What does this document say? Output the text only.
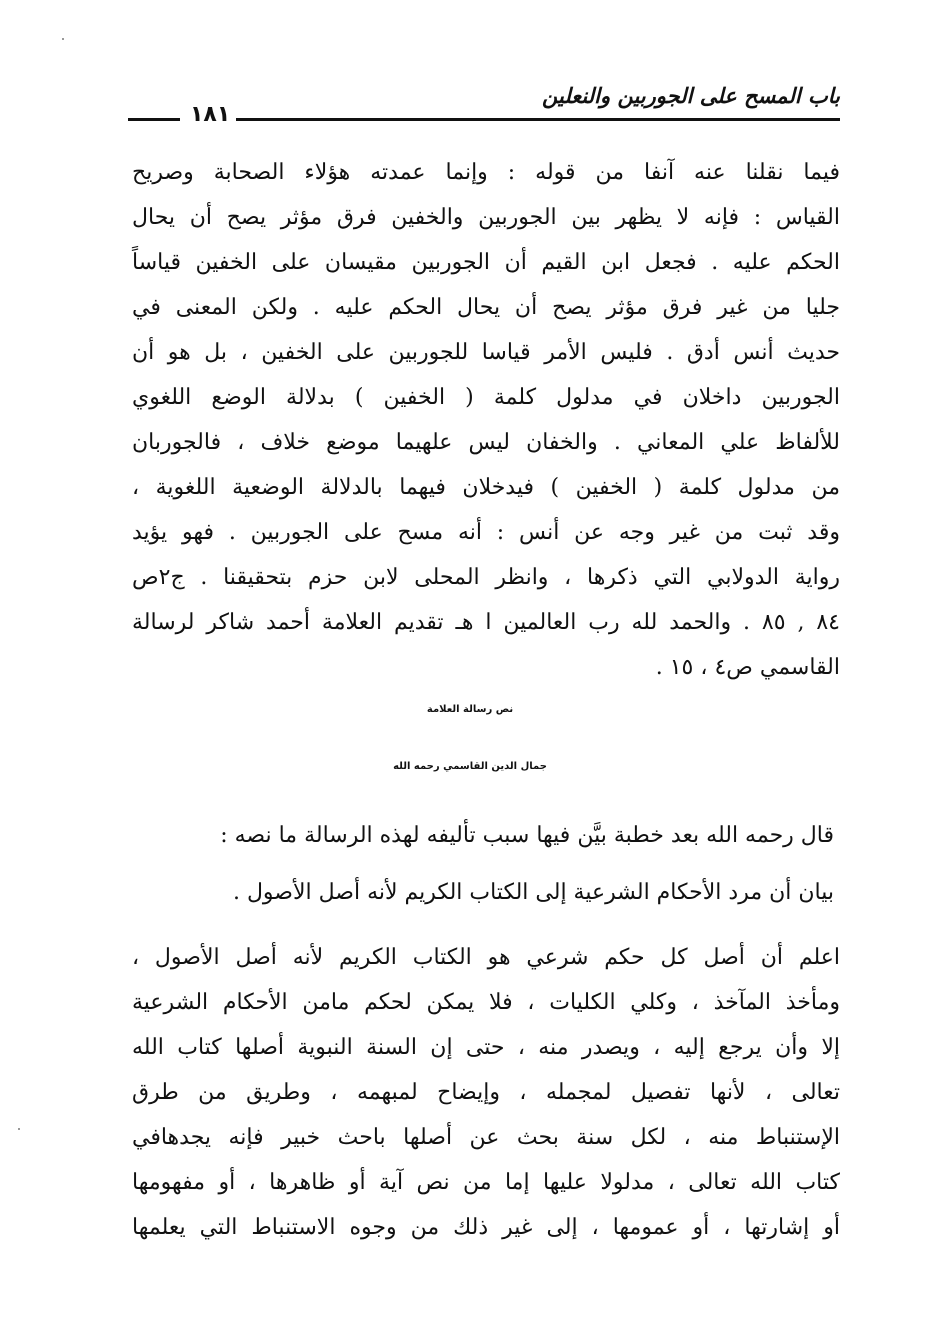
باب المسح على الجوربين والنعلين
١٨١
فيما نقلنا عنه آنفا من قوله : وإنما عمدته هؤلاء الصحابة وصريح
القياس : فإنه لا يظهر بين الجوربين والخفين فرق مؤثر يصح أن يحال
الحكم عليه . فجعل ابن القيم أن الجوربين مقيسان على الخفين قياساً
جليا من غير فرق مؤثر يصح أن يحال الحكم عليه . ولكن المعنى في
حديث أنس أدق . فليس الأمر قياسا للجوربين على الخفين ، بل هو أن
الجوربين داخلان في مدلول كلمة ( الخفين ) بدلالة الوضع اللغوي
للألفاظ علي المعاني . والخفان ليس علهيما موضع خلاف ، فالجوربان
من مدلول كلمة ( الخفين ) فيدخلان فيهما بالدلالة الوضعية اللغوية ،
وقد ثبت من غير وجه عن أنس : أنه مسح على الجوربين . فهو يؤيد
رواية الدولابي التي ذكرها ، وانظر المحلى لابن حزم بتحقيقنا . ج٢ص
٨٤ , ٨٥ . والحمد لله رب العالمين ا هـ تقديم العلامة أحمد شاكر لرسالة
القاسمي ص٤ ، ١٥ .
نص رسالة العلامة
جمال الدين القاسمي رحمه الله
قال رحمه الله بعد خطبة بيَّن فيها سبب تأليفه لهذه الرسالة ما نصه :
بيان أن مرد الأحكام الشرعية إلى الكتاب الكريم لأنه أصل الأصول .
اعلم أن أصل كل حكم شرعي هو الكتاب الكريم لأنه أصل الأصول ،
ومأخذ المآخذ ، وكلي الكليات ، فلا يمكن لحكم مامن الأحكام الشرعية
إلا وأن يرجع إليه ، ويصدر منه ، حتى إن السنة النبوية أصلها كتاب الله
تعالى ، لأنها تفصيل لمجمله ، وإيضاح لمبهمه ، وطريق من طرق
الإستنباط منه ، لكل سنة بحث عن أصلها باحث خبير فإنه يجدهافي
كتاب الله تعالى ، مدلولا عليها إما من نص آية أو ظاهرها ، أو مفهومها
أو إشارتها ، أو عمومها ، إلى غير ذلك من وجوه الاستنباط التي يعلمها
